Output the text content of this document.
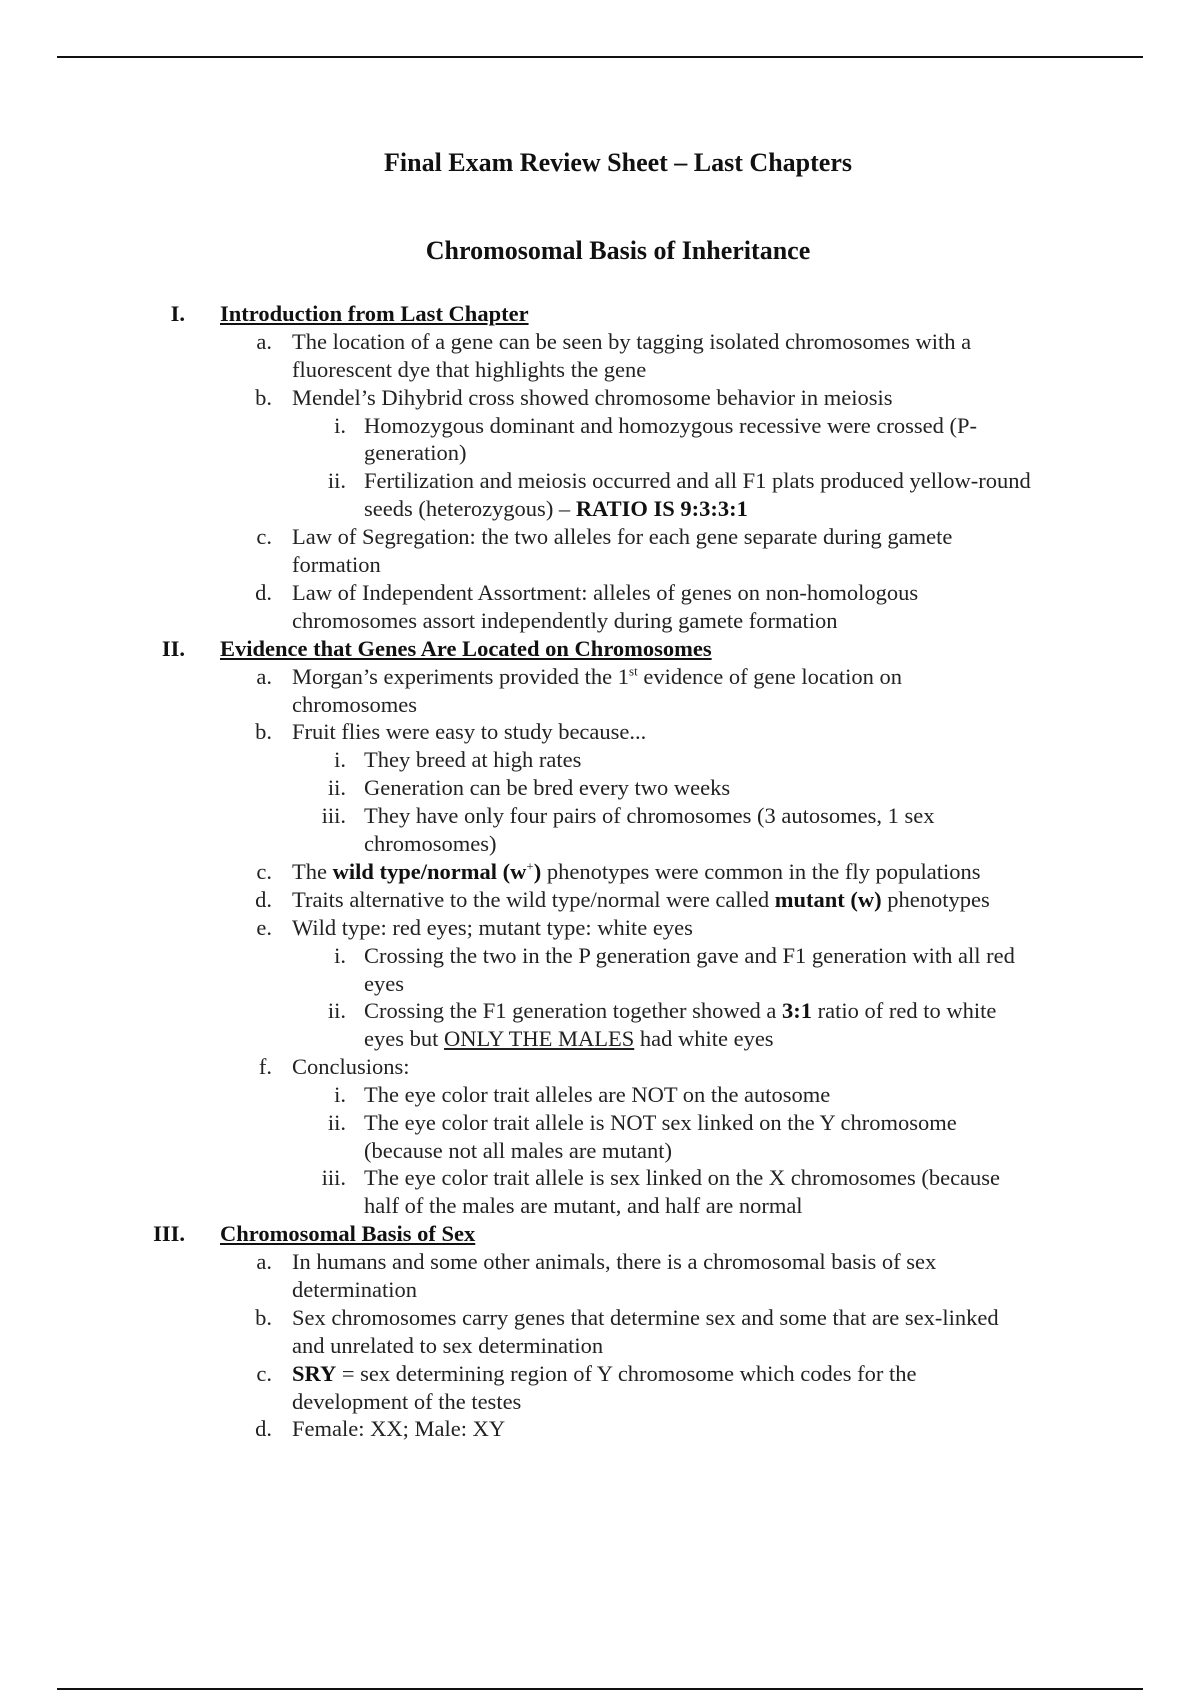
Final Exam Review Sheet – Last Chapters
Chromosomal Basis of Inheritance
I. Introduction from Last Chapter
a. The location of a gene can be seen by tagging isolated chromosomes with a
fluorescent dye that highlights the gene
b. Mendel’s Dihybrid cross showed chromosome behavior in meiosis
i. Homozygous dominant and homozygous recessive were crossed (P-
generation)
ii. Fertilization and meiosis occurred and all F1 plats produced yellow-round
seeds (heterozygous) – RATIO IS 9:3:3:1
c. Law of Segregation: the two alleles for each gene separate during gamete
formation
d. Law of Independent Assortment: alleles of genes on non-homologous
chromosomes assort independently during gamete formation
II. Evidence that Genes Are Located on Chromosomes
a. Morgan’s experiments provided the 1st evidence of gene location on
chromosomes
b. Fruit flies were easy to study because...
i. They breed at high rates
ii. Generation can be bred every two weeks
iii. They have only four pairs of chromosomes (3 autosomes, 1 sex
chromosomes)
c. The wild type/normal (w+) phenotypes were common in the fly populations
d. Traits alternative to the wild type/normal were called mutant (w) phenotypes
e. Wild type: red eyes; mutant type: white eyes
i. Crossing the two in the P generation gave and F1 generation with all red
eyes
ii. Crossing the F1 generation together showed a 3:1 ratio of red to white
eyes but ONLY THE MALES had white eyes
f. Conclusions:
i. The eye color trait alleles are NOT on the autosome
ii. The eye color trait allele is NOT sex linked on the Y chromosome
(because not all males are mutant)
iii. The eye color trait allele is sex linked on the X chromosomes (because
half of the males are mutant, and half are normal
III. Chromosomal Basis of Sex
a. In humans and some other animals, there is a chromosomal basis of sex
determination
b. Sex chromosomes carry genes that determine sex and some that are sex-linked
and unrelated to sex determination
c. SRY = sex determining region of Y chromosome which codes for the
development of the testes
d. Female: XX; Male: XY
